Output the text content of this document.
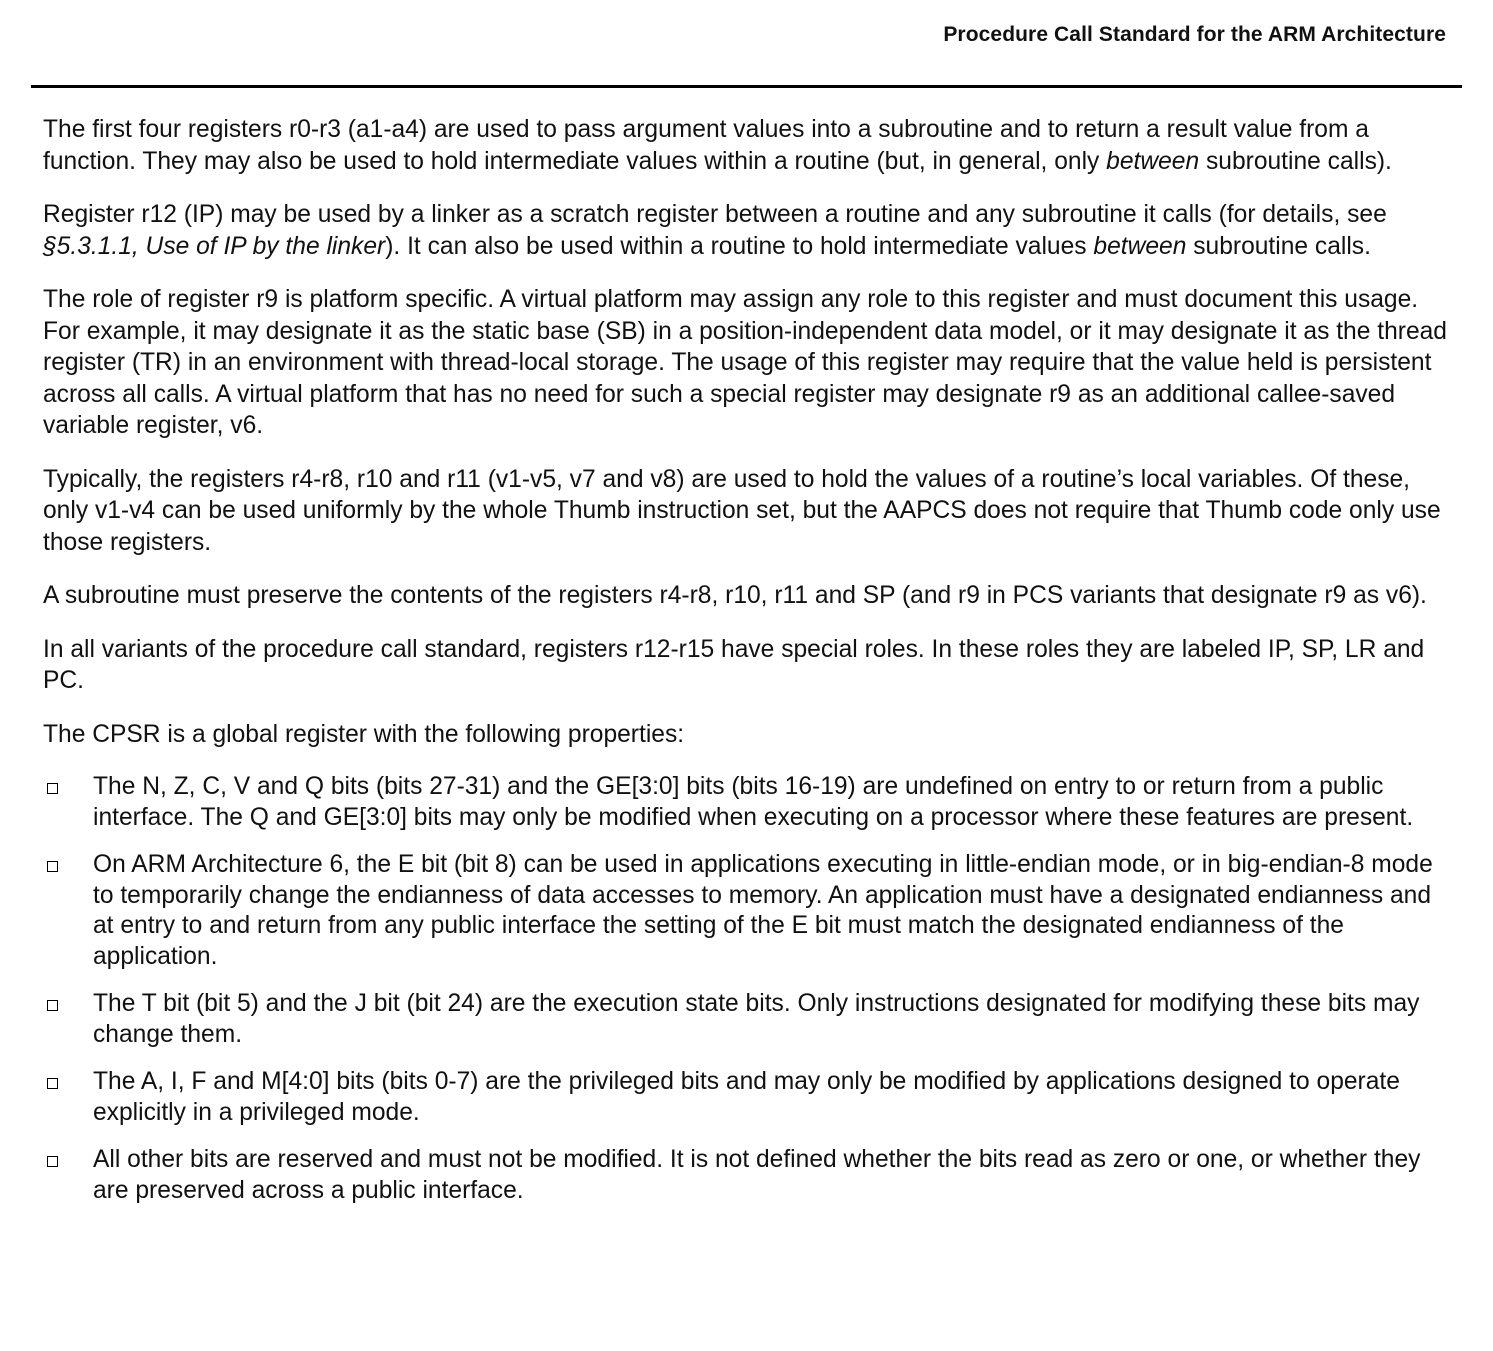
Procedure Call Standard for the ARM Architecture

The first four registers r0-r3 (a1-a4) are used to pass argument values into a subroutine and to return a result value from a function. They may also be used to hold intermediate values within a routine (but, in general, only between subroutine calls).

Register r12 (IP) may be used by a linker as a scratch register between a routine and any subroutine it calls (for details, see §5.3.1.1, Use of IP by the linker). It can also be used within a routine to hold intermediate values between subroutine calls.

The role of register r9 is platform specific. A virtual platform may assign any role to this register and must document this usage. For example, it may designate it as the static base (SB) in a position-independent data model, or it may designate it as the thread register (TR) in an environment with thread-local storage. The usage of this register may require that the value held is persistent across all calls. A virtual platform that has no need for such a special register may designate r9 as an additional callee-saved variable register, v6.

Typically, the registers r4-r8, r10 and r11 (v1-v5, v7 and v8) are used to hold the values of a routine’s local variables. Of these, only v1-v4 can be used uniformly by the whole Thumb instruction set, but the AAPCS does not require that Thumb code only use those registers.

A subroutine must preserve the contents of the registers r4-r8, r10, r11 and SP (and r9 in PCS variants that designate r9 as v6).

In all variants of the procedure call standard, registers r12-r15 have special roles. In these roles they are labeled IP, SP, LR and PC.

The CPSR is a global register with the following properties:

The N, Z, C, V and Q bits (bits 27-31) and the GE[3:0] bits (bits 16-19) are undefined on entry to or return from a public interface. The Q and GE[3:0] bits may only be modified when executing on a processor where these features are present.
On ARM Architecture 6, the E bit (bit 8) can be used in applications executing in little-endian mode, or in big-endian-8 mode to temporarily change the endianness of data accesses to memory. An application must have a designated endianness and at entry to and return from any public interface the setting of the E bit must match the designated endianness of the application.
The T bit (bit 5) and the J bit (bit 24) are the execution state bits. Only instructions designated for modifying these bits may change them.
The A, I, F and M[4:0] bits (bits 0-7) are the privileged bits and may only be modified by applications designed to operate explicitly in a privileged mode.
All other bits are reserved and must not be modified. It is not defined whether the bits read as zero or one, or whether they are preserved across a public interface.
